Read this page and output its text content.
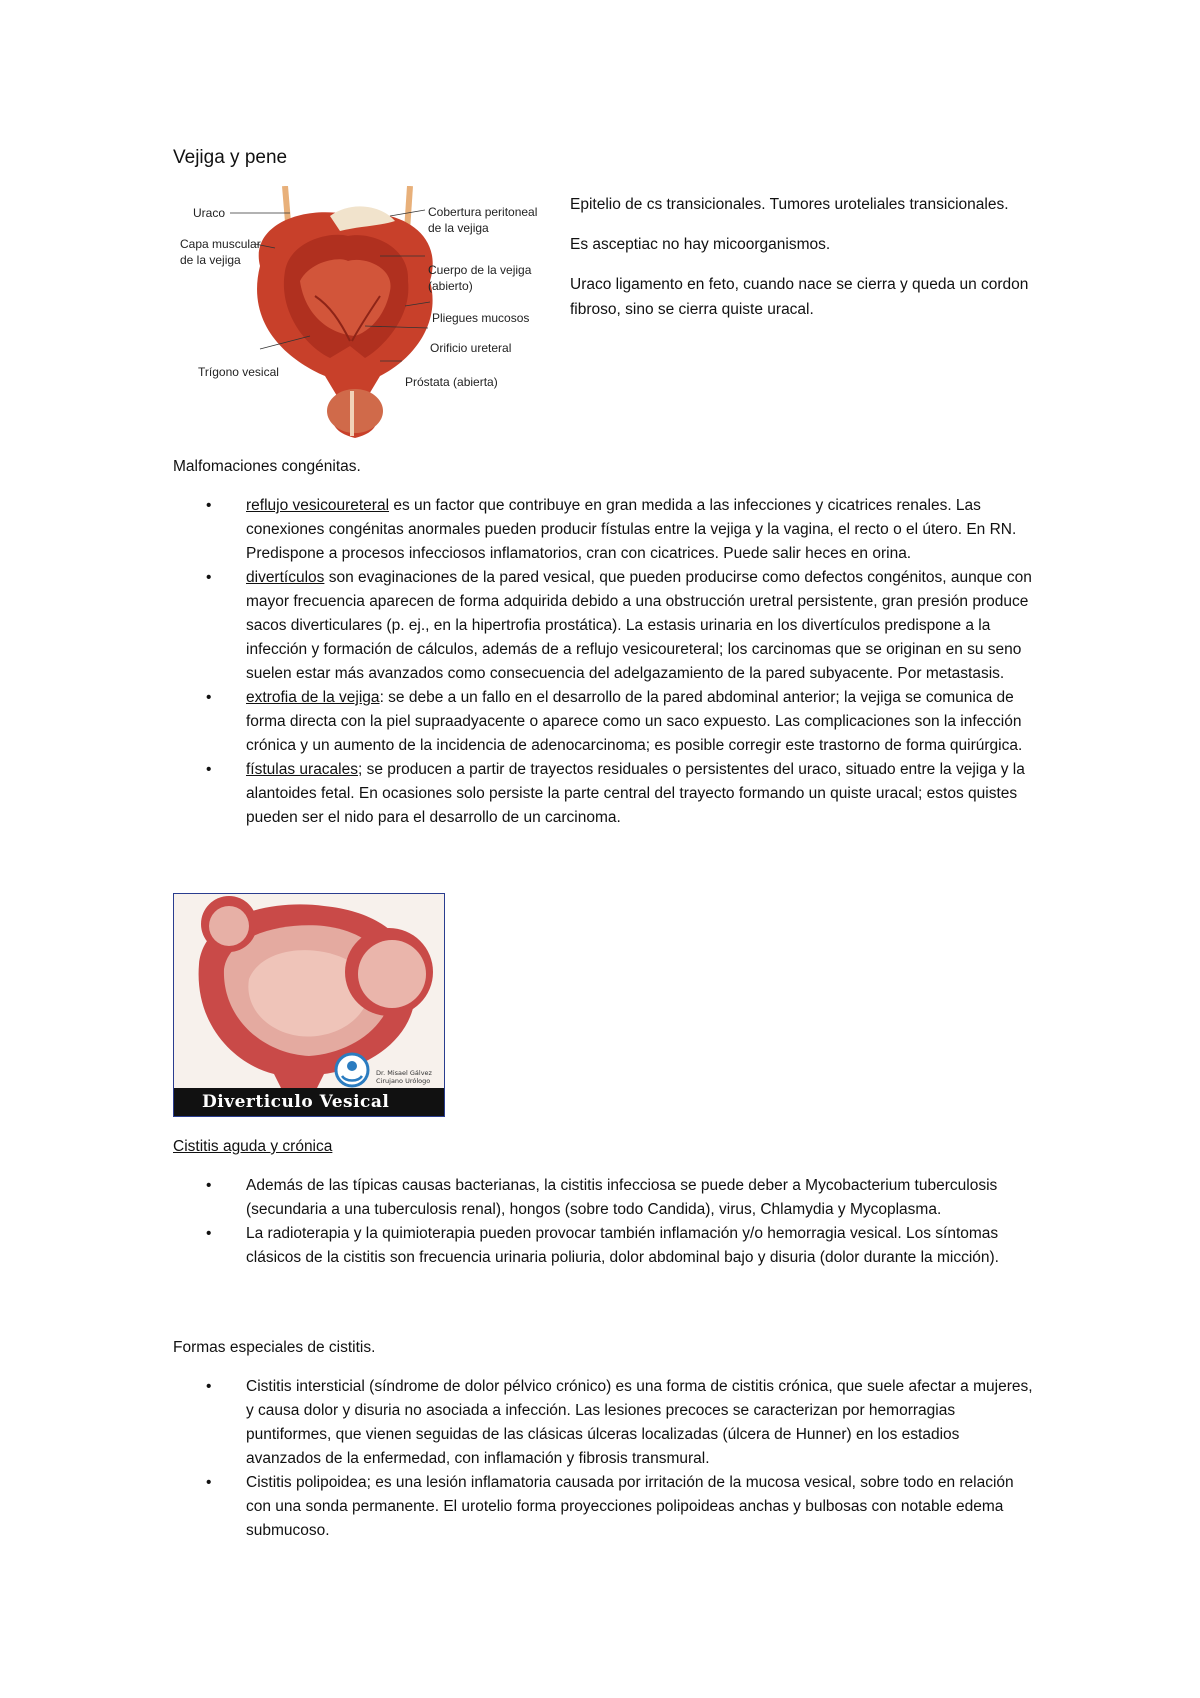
Vejiga y pene
Uraco
Capa muscular
de la vejiga
Trígono vesical
Cobertura peritoneal
de la vejiga
Cuerpo de la vejiga
(abierto)
Pliegues mucosos
Orificio ureteral
Próstata (abierta)

Epitelio de cs transicionales. Tumores uroteliales transicionales.

Es asceptiac no hay micoorganismos.

Uraco ligamento en feto, cuando nace se cierra y queda un cordon fibroso, sino se cierra quiste uracal.

Malfomaciones congénitas.
• reflujo vesicoureteral es un factor que contribuye en gran medida a las infecciones y cicatrices renales. Las conexiones congénitas anormales pueden producir fístulas entre la vejiga y la vagina, el recto o el útero. En RN. Predispone a procesos infecciosos inflamatorios, cran con cicatrices. Puede salir heces en orina.
• divertículos son evaginaciones de la pared vesical, que pueden producirse como defectos congénitos, aunque con mayor frecuencia aparecen de forma adquirida debido a una obstrucción uretral persistente, gran presión produce sacos diverticulares (p. ej., en la hipertrofia prostática). La estasis urinaria en los divertículos predispone a la infección y formación de cálculos, además de a reflujo vesicoureteral; los carcinomas que se originan en su seno suelen estar más avanzados como consecuencia del adelgazamiento de la pared subyacente. Por metastasis.
• extrofia de la vejiga: se debe a un fallo en el desarrollo de la pared abdominal anterior; la vejiga se comunica de forma directa con la piel supraadyacente o aparece como un saco expuesto. Las complicaciones son la infección crónica y un aumento de la incidencia de adenocarcinoma; es posible corregir este trastorno de forma quirúrgica.
• fístulas uracales; se producen a partir de trayectos residuales o persistentes del uraco, situado entre la vejiga y la alantoides fetal. En ocasiones solo persiste la parte central del trayecto formando un quiste uracal; estos quistes pueden ser el nido para el desarrollo de un carcinoma.
Dr. Misael Gálvez
Cirujano Urólogo
Diverticulo Vesical
Cistitis aguda y crónica
• Además de las típicas causas bacterianas, la cistitis infecciosa se puede deber a Mycobacterium tuberculosis (secundaria a una tuberculosis renal), hongos (sobre todo Candida), virus, Chlamydia y Mycoplasma.
• La radioterapia y la quimioterapia pueden provocar también inflamación y/o hemorragia vesical. Los síntomas clásicos de la cistitis son frecuencia urinaria poliuria, dolor abdominal bajo y disuria (dolor durante la micción).
Formas especiales de cistitis.
• Cistitis intersticial (síndrome de dolor pélvico crónico) es una forma de cistitis crónica, que suele afectar a mujeres, y causa dolor y disuria no asociada a infección. Las lesiones precoces se caracterizan por hemorragias puntiformes, que vienen seguidas de las clásicas úlceras localizadas (úlcera de Hunner) en los estadios avanzados de la enfermedad, con inflamación y fibrosis transmural.
• Cistitis polipoidea; es una lesión inflamatoria causada por irritación de la mucosa vesical, sobre todo en relación con una sonda permanente. El urotelio forma proyecciones polipoideas anchas y bulbosas con notable edema submucoso.
